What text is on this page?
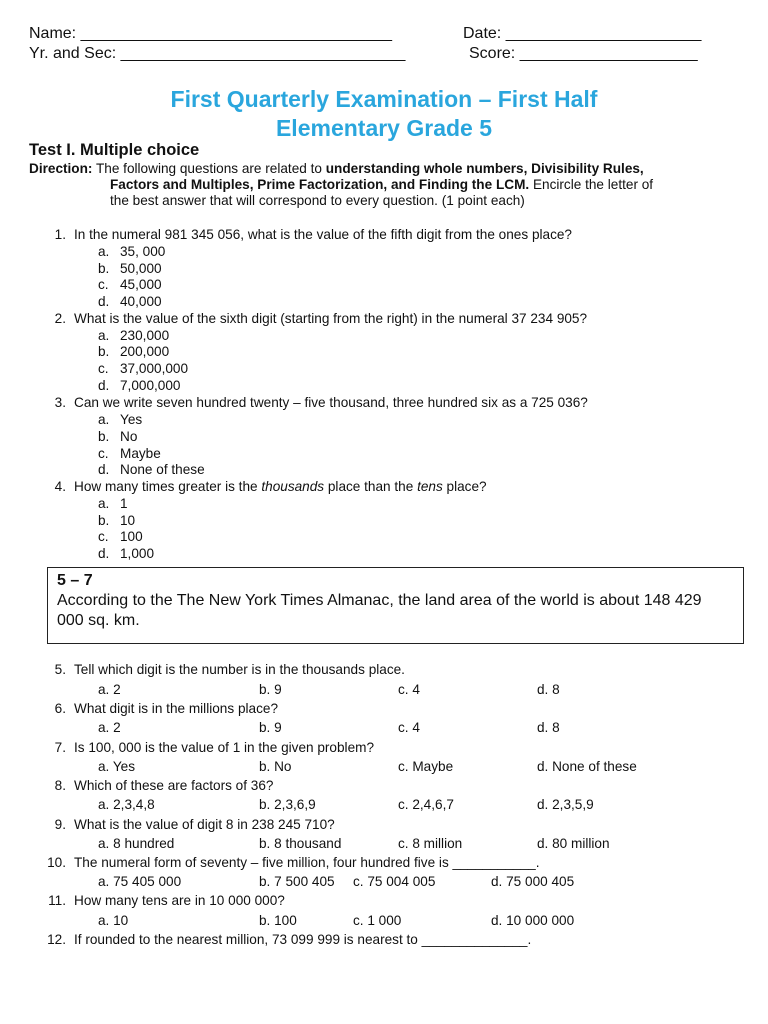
Name: ___________________________________	Date: ______________________
Yr. and Sec: ________________________________	Score: ____________________
First Quarterly Examination – First Half
Elementary Grade 5
Test I. Multiple choice
Direction: The following questions are related to understanding whole numbers, Divisibility Rules,
Factors and Multiples, Prime Factorization, and Finding the LCM. Encircle the letter of
the best answer that will correspond to every question. (1 point each)
1. In the numeral 981 345 056, what is the value of the fifth digit from the ones place?
a. 35, 000
b. 50,000
c. 45,000
d. 40,000
2. What is the value of the sixth digit (starting from the right) in the numeral 37 234 905?
a. 230,000
b. 200,000
c. 37,000,000
d. 7,000,000
3. Can we write seven hundred twenty – five thousand, three hundred six as a 725 036?
a. Yes
b. No
c. Maybe
d. None of these
4. How many times greater is the thousands place than the tens place?
a. 1
b. 10
c. 100
d. 1,000
5 – 7
According to the The New York Times Almanac, the land area of the world is about 148 429 000 sq. km.
5. Tell which digit is the number is in the thousands place.
a. 2	b. 9	c. 4	d. 8
6. What digit is in the millions place?
a. 2	b. 9	c. 4	d. 8
7. Is 100, 000 is the value of 1 in the given problem?
a. Yes	b. No	c. Maybe	d. None of these
8. Which of these are factors of 36?
a. 2,3,4,8	b. 2,3,6,9	c. 2,4,6,7	d. 2,3,5,9
9. What is the value of digit 8 in 238 245 710?
a. 8 hundred	b. 8 thousand	c. 8 million	d. 80 million
10. The numeral form of seventy – five million, four hundred five is ___________.
a. 75 405 000	b. 7 500 405 c. 75 004 005	d. 75 000 405
11. How many tens are in 10 000 000?
a. 10	b. 100	c. 1 000	d. 10 000 000
12. If rounded to the nearest million, 73 099 999 is nearest to ______________.
